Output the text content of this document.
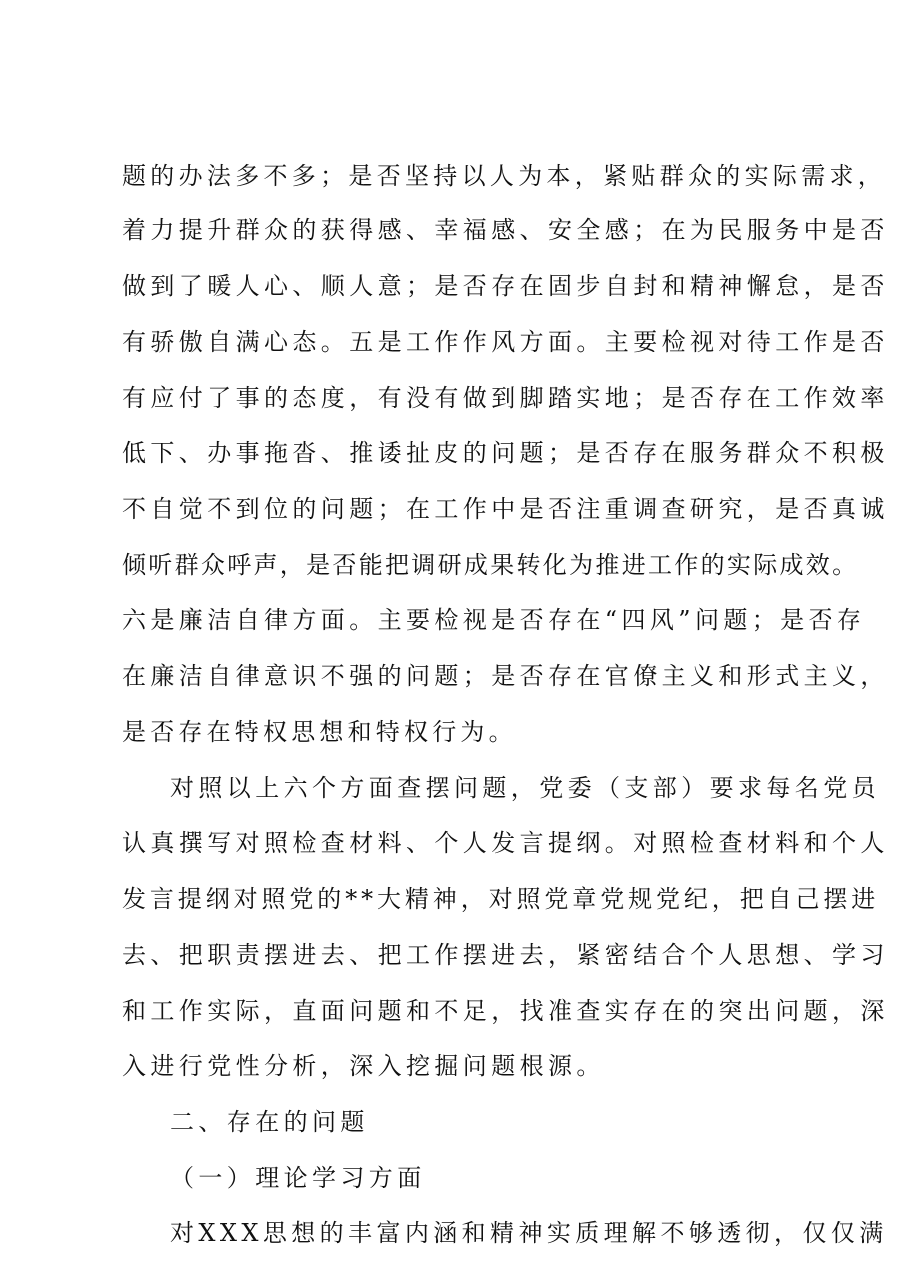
题的办法多不多；是否坚持以人为本，紧贴群众的实际需求，
着力提升群众的获得感、幸福感、安全感；在为民服务中是否
做到了暖人心、顺人意；是否存在固步自封和精神懈怠，是否
有骄傲自满心态。五是工作作风方面。主要检视对待工作是否
有应付了事的态度，有没有做到脚踏实地；是否存在工作效率
低下、办事拖沓、推诿扯皮的问题；是否存在服务群众不积极
不自觉不到位的问题；在工作中是否注重调查研究，是否真诚
倾听群众呼声，是否能把调研成果转化为推进工作的实际成效。
六是廉洁自律方面。主要检视是否存在“四风”问题；是否存
在廉洁自律意识不强的问题；是否存在官僚主义和形式主义，
是否存在特权思想和特权行为。
对照以上六个方面查摆问题，党委（支部）要求每名党员
认真撰写对照检查材料、个人发言提纲。对照检查材料和个人
发言提纲对照党的**大精神，对照党章党规党纪，把自己摆进
去、把职责摆进去、把工作摆进去，紧密结合个人思想、学习
和工作实际，直面问题和不足，找准查实存在的突出问题，深
入进行党性分析，深入挖掘问题根源。
二、存在的问题
（一）理论学习方面
对XXX思想的丰富内涵和精神实质理解不够透彻，仅仅满
